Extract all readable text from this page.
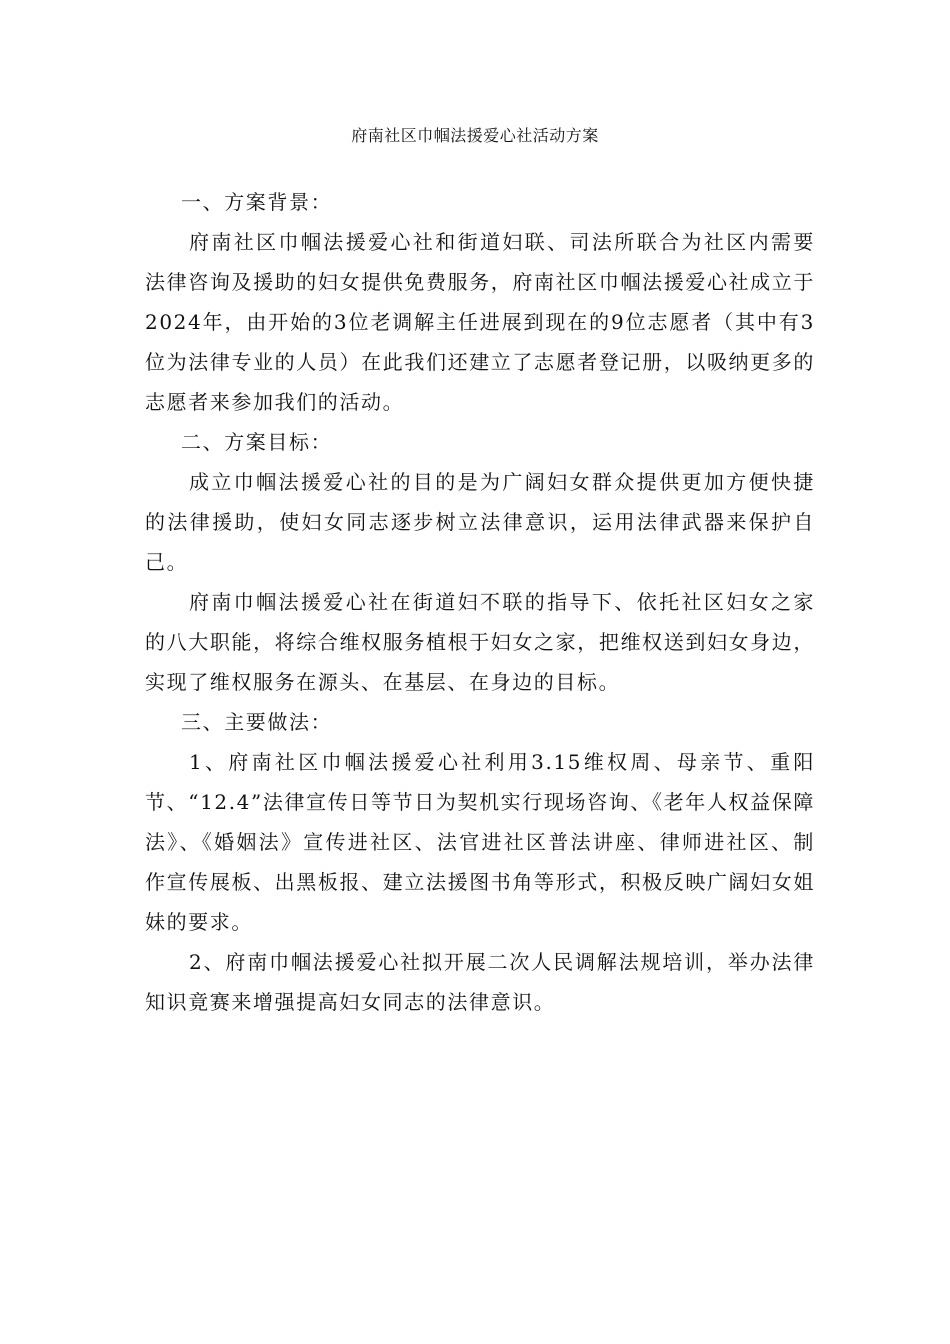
府南社区巾帼法援爱心社活动方案

一、方案背景：

府南社区巾帼法援爱心社和街道妇联、司法所联合为社区内需要法律咨询及援助的妇女提供免费服务，府南社区巾帼法援爱心社成立于2024年，由开始的3位老调解主任进展到现在的9位志愿者（其中有3位为法律专业的人员）在此我们还建立了志愿者登记册，以吸纳更多的志愿者来参加我们的活动。

二、方案目标：

成立巾帼法援爱心社的目的是为广阔妇女群众提供更加方便快捷的法律援助，使妇女同志逐步树立法律意识，运用法律武器来保护自己。

府南巾帼法援爱心社在街道妇不联的指导下、依托社区妇女之家的八大职能，将综合维权服务植根于妇女之家，把维权送到妇女身边，实现了维权服务在源头、在基层、在身边的目标。

三、主要做法：

1、府南社区巾帼法援爱心社利用3.15维权周、母亲节、重阳节、“12.4”法律宣传日等节日为契机实行现场咨询、《老年人权益保障法》、《婚姻法》宣传进社区、法官进社区普法讲座、律师进社区、制作宣传展板、出黑板报、建立法援图书角等形式，积极反映广阔妇女姐妹的要求。

2、府南巾帼法援爱心社拟开展二次人民调解法规培训，举办法律知识竟赛来增强提高妇女同志的法律意识。
